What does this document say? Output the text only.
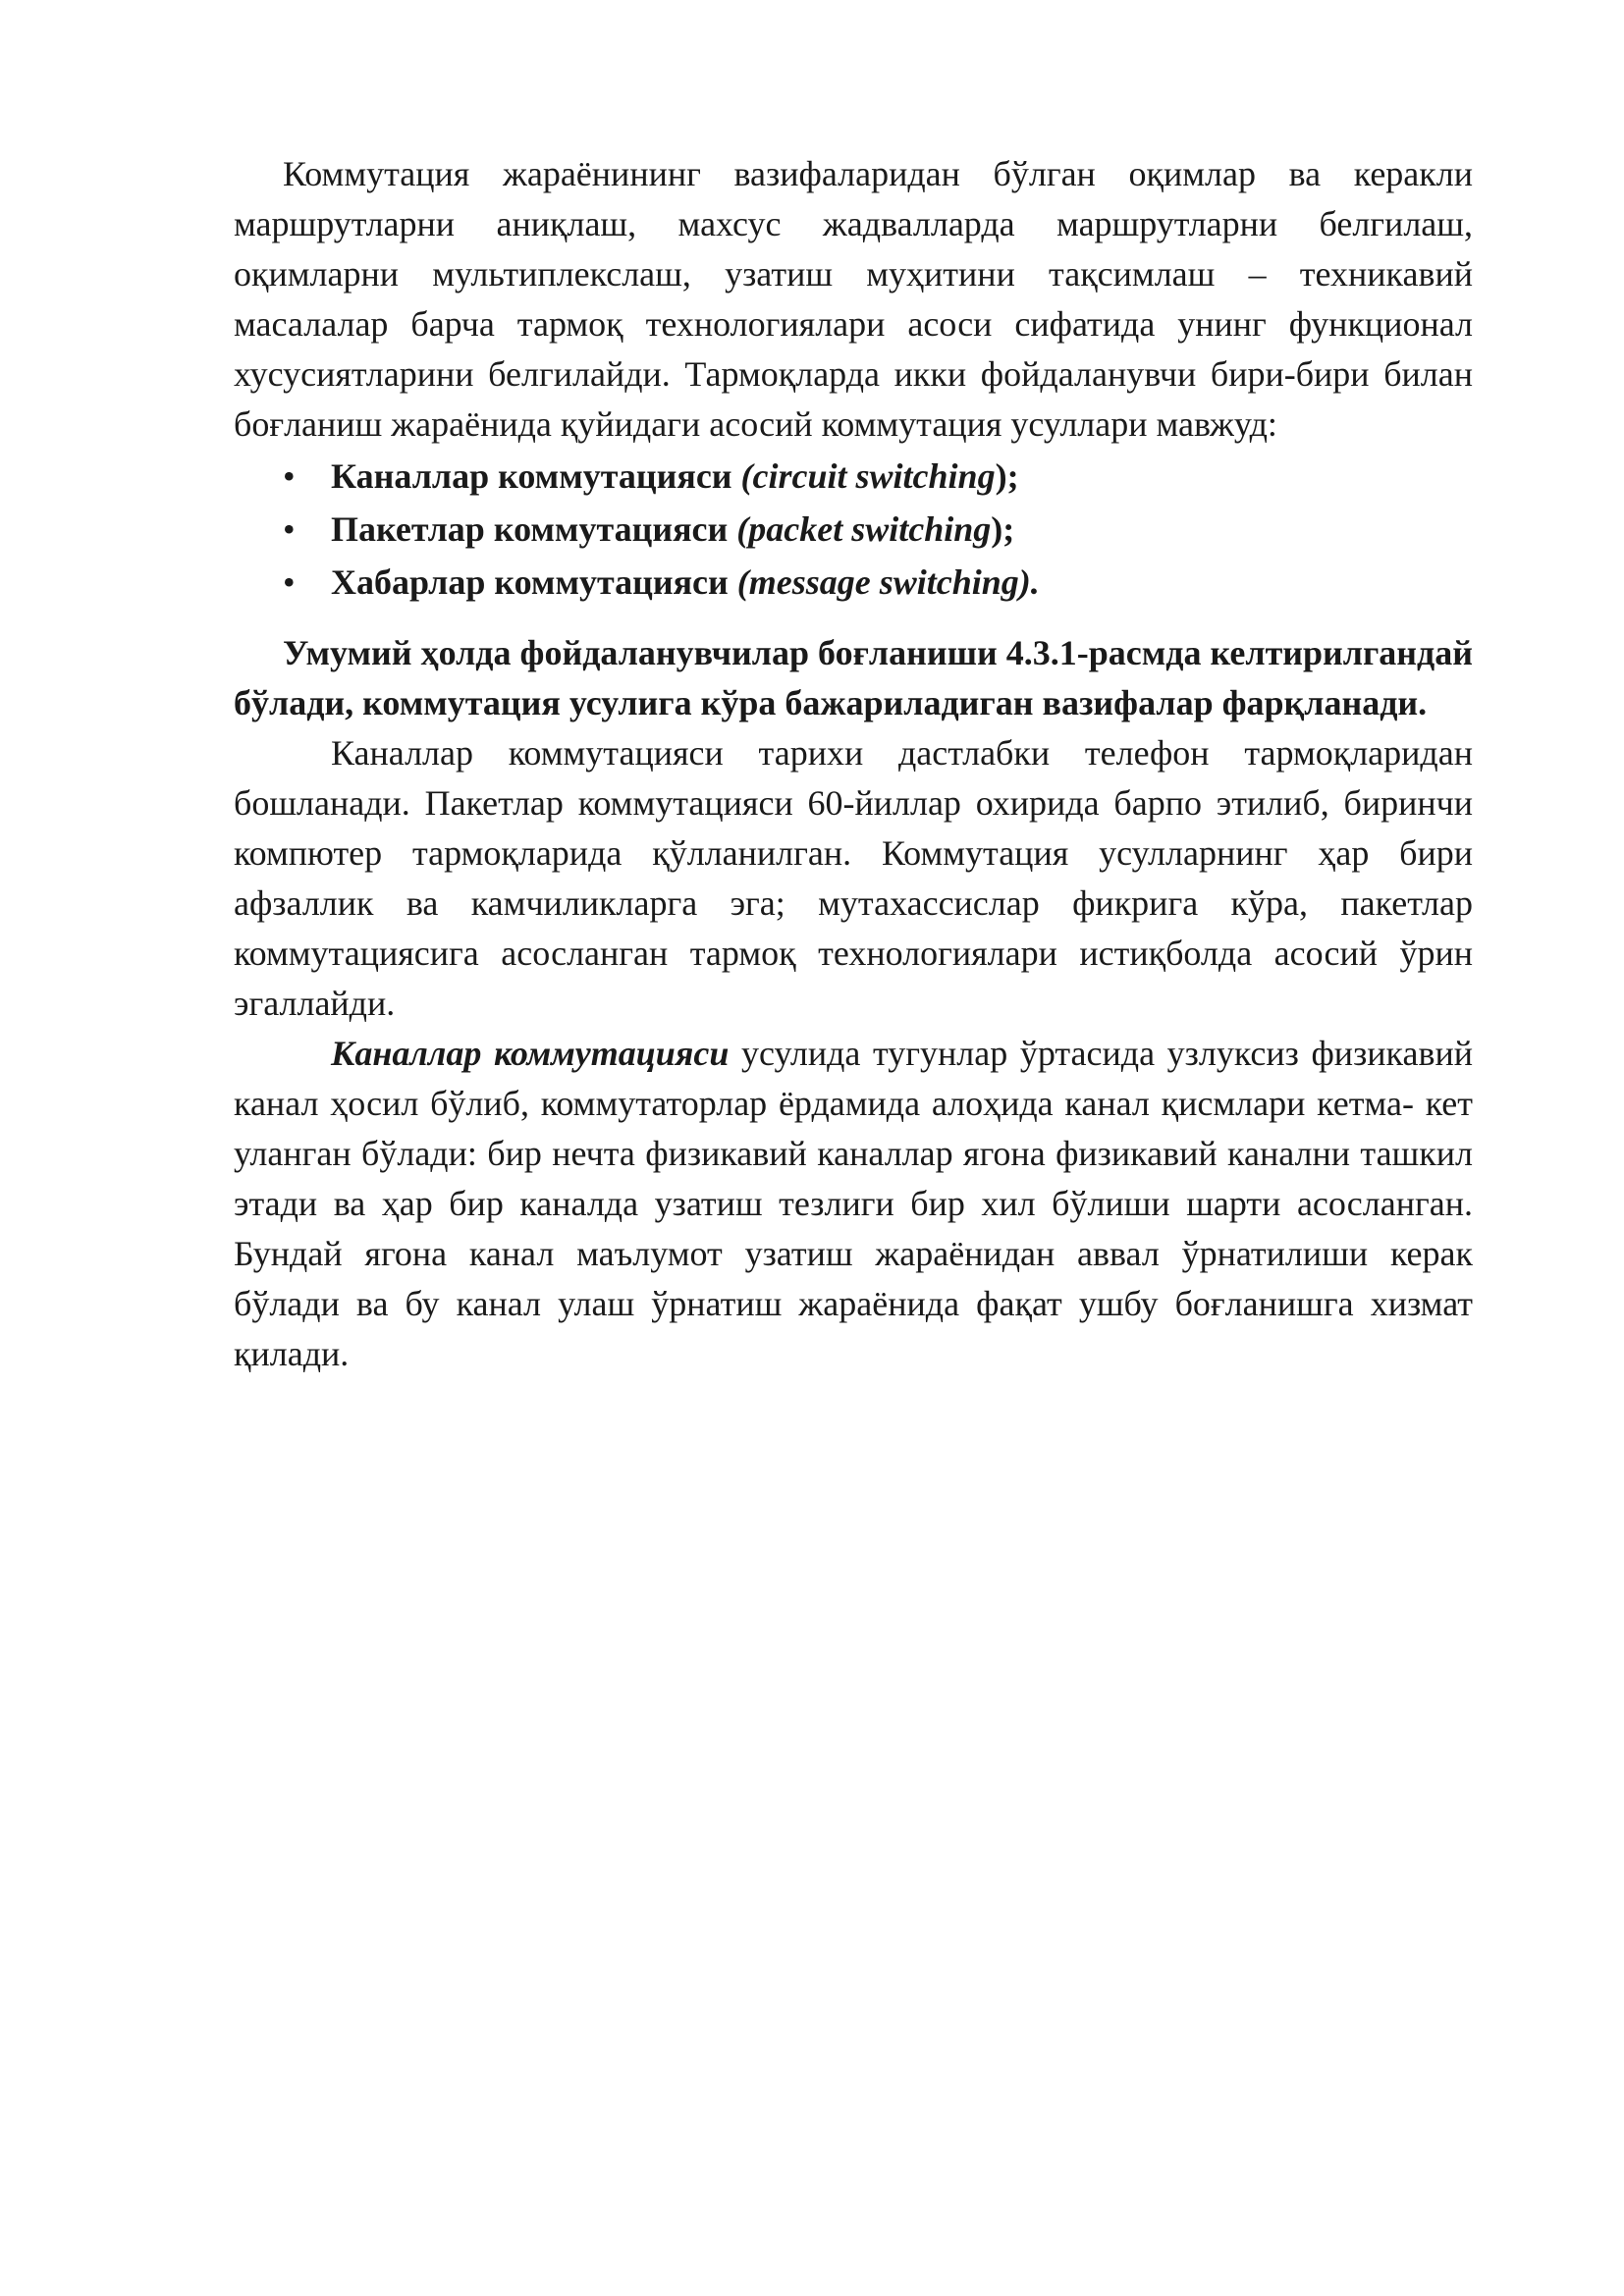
Коммутация жараёнининг вазифаларидан бўлган оқимлар ва керакли маршрутларни аниқлаш, махсус жадвалларда маршрутларни белгилаш, оқимларни мультиплекслаш, узатиш муҳитини тақсимлаш – техникавий масалалар барча тармоқ технологиялари асоси сифатида унинг функционал хусусиятларини белгилайди. Тармоқларда икки фойдаланувчи бири-бири билан боғланиш жараёнида қуйидаги асосий коммутация усуллари мавжуд:

• Каналлар коммутацияси (circuit switching);
• Пакетлар коммутацияси (packet switching);
• Хабарлар коммутацияси (message switching).

Умумий ҳолда фойдаланувчилар боғланиши 4.3.1-расмда келтирилгандай бўлади, коммутация усулига кўра бажариладиган вазифалар фарқланади.

Каналлар коммутацияси тарихи дастлабки телефон тармоқларидан бошланади. Пакетлар коммутацияси 60-йиллар охирида барпо этилиб, биринчи компютер тармоқларида қўлланилган. Коммутация усулларнинг ҳар бири афзаллик ва камчиликларга эга; мутахассислар фикрига кўра, пакетлар коммутациясига асосланган тармоқ технологиялари истиқболда асосий ўрин эгаллайди.

Каналлар коммутацияси усулида тугунлар ўртасида узлуксиз физикавий канал ҳосил бўлиб, коммутаторлар ёрдамида алоҳида канал қисмлари кетма- кет уланган бўлади: бир нечта физикавий каналлар ягона физикавий канални ташкил этади ва ҳар бир каналда узатиш тезлиги бир хил бўлиши шарти асосланган. Бундай ягона канал маълумот узатиш жараёнидан аввал ўрнатилиши керак бўлади ва бу канал улаш ўрнатиш жараёнида фақат ушбу боғланишга хизмат қилади.
